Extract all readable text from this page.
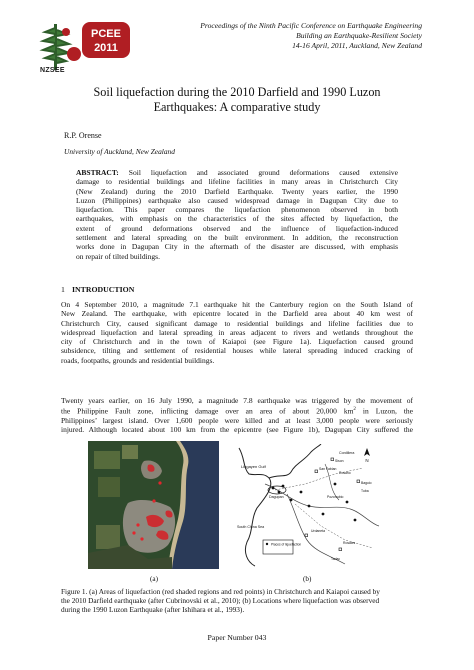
PCEE
2011
NZSEE
Proceedings of the Ninth Pacific Conference on Earthquake Engineering
Building an Earthquake-Resilient Society
14-16 April, 2011, Auckland, New Zealand
Soil liquefaction during the 2010 Darfield and 1990 Luzon
Earthquakes: A comparative study
R.P. Orense
University of Auckland, New Zealand
ABSTRACT: Soil liquefaction and associated ground deformations caused extensive
damage to residential buildings and lifeline facilities in many areas in Christchurch City
(New Zealand) during the 2010 Darfield Earthquake. Twenty years earlier, the 1990
Luzon (Philippines) earthquake also caused widespread damage in Dagupan City due to
liquefaction. This paper compares the liquefaction phenomenon observed in both
earthquakes, with emphasis on the characteristics of the sites affected by liquefaction, the
extent of ground deformations observed and the influence of liquefaction-induced
settlement and lateral spreading on the built environment. In addition, the reconstruction
works done in Dagupan City in the aftermath of the disaster are discussed, with emphasis
on repair of tilted buildings.
1 INTRODUCTION
On 4 September 2010, a magnitude 7.1 earthquake hit the Canterbury region on the South Island of
New Zealand. The earthquake, with epicentre located in the Darfield area about 40 km west of
Christchurch City, caused significant damage to residential buildings and lifeline facilities due to
widespread liquefaction and lateral spreading in areas adjacent to rivers and wetlands throughout the
city of Christchurch and in the town of Kaiapoi (see Figure 1a). Liquefaction caused ground
subsidence, tilting and settlement of residential houses while lateral spreading induced cracking of
roads, footpaths, grounds and residential buildings.
Twenty years earlier, on 16 July 1990, a magnitude 7.8 earthquake was triggered by the movement of
the Philippine Fault zone, inflicting damage over an area of about 20,000 $km^2$ in Luzon, the
Philippines’ largest island. Over 1,600 people were killed and at least 3,000 people were seriously
injured. Although located about 100 km from the epicentre (see Figure 1b), Dagupan City suffered the
N
Lingayen Gulf
Dagupan
Places of liquefaction
South China Sea
Cordillera
San Fabian
Sison
Rosario
Baguio
Tuba
Pozorrubio
Urdaneta
Rosales
Tarlac
(a)	(b)
Figure 1. (a) Areas of liquefaction (red shaded regions and red points) in Christchurch and Kaiapoi caused by
the 2010 Darfield earthquake (after Cubrinovski et al., 2010); (b) Locations where liquefaction was observed
during the 1990 Luzon Earthquake (after Ishihara et al., 1993).
Paper Number 043
